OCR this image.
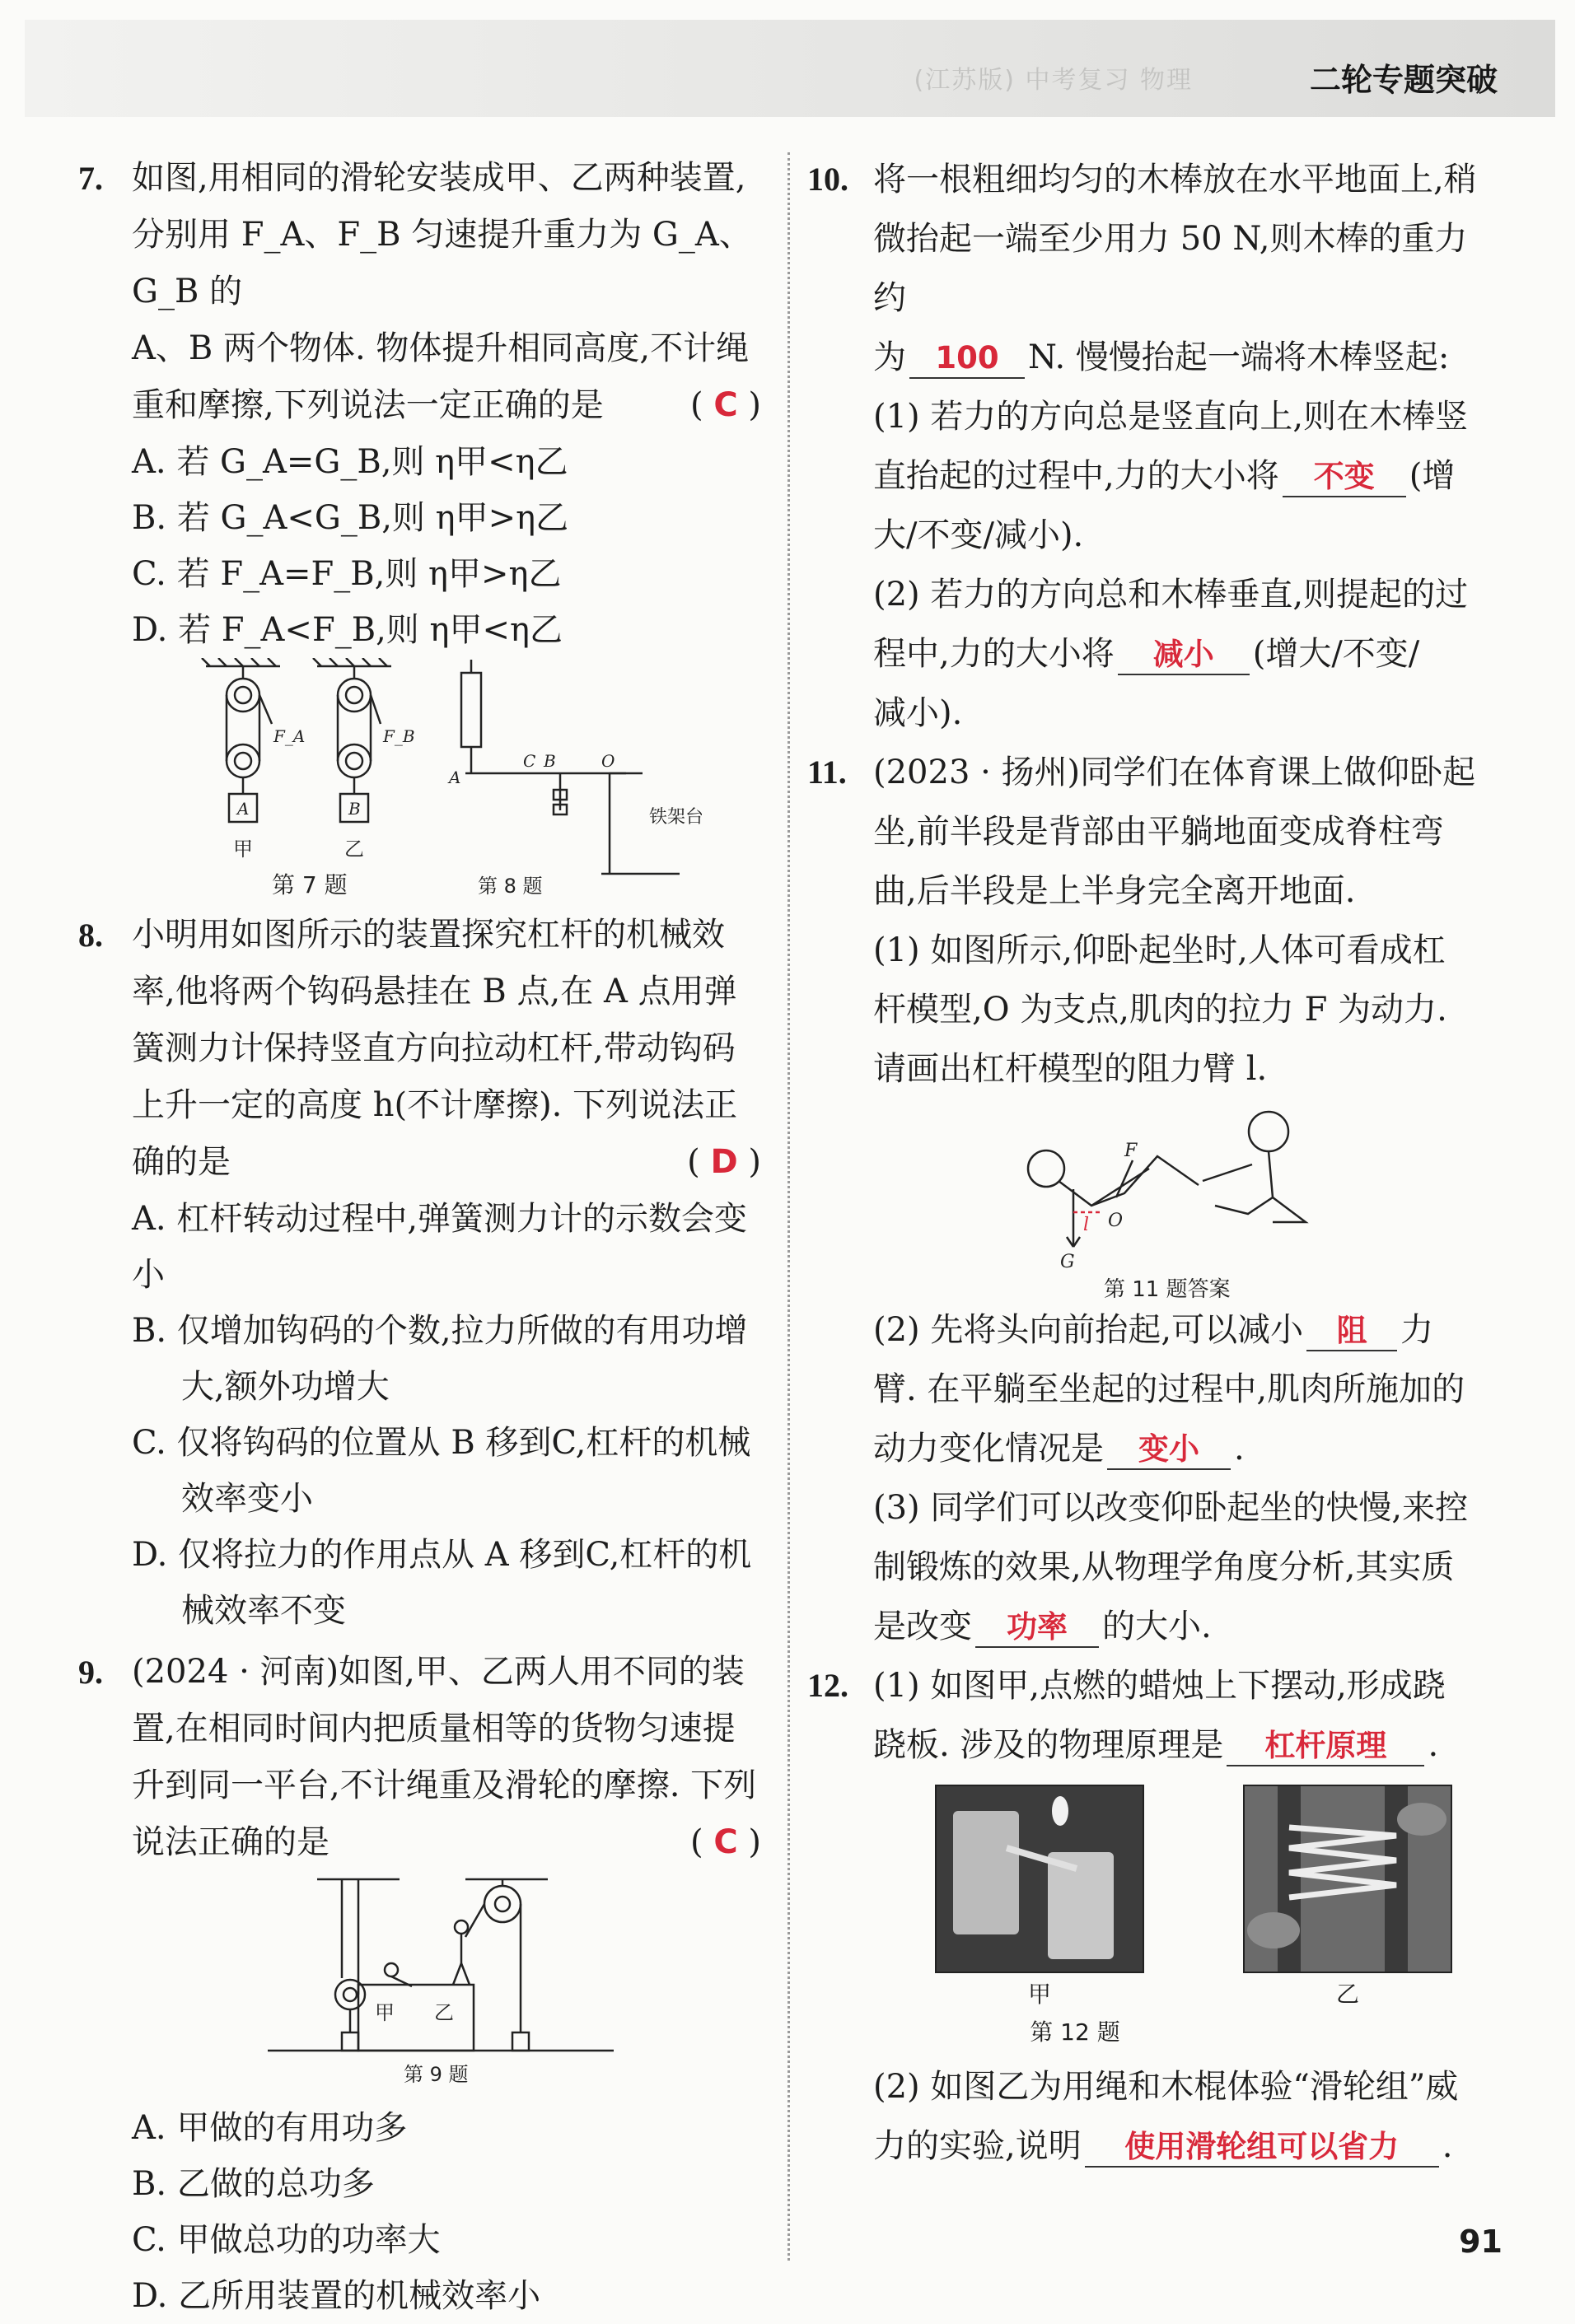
(江苏版) 中考复习 物理	二轮专题突破
7. 如图,用相同的滑轮安装成甲、乙两种装置,
分别用 F_A、F_B 匀速提升重力为 G_A、G_B 的
A、B 两个物体. 物体提升相同高度,不计绳
重和摩擦,下列说法一定正确的是	( C )
A. 若 G_A=G_B,则 η甲<η乙
B. 若 G_A<G_B,则 η甲>η乙
C. 若 F_A=F_B,则 η甲>η乙
D. 若 F_A<F_B,则 η甲<η乙
F_A	F_B
A	B
甲	乙
A
C B	O
铁架台
第 7 题	第 8 题
8. 小明用如图所示的装置探究杠杆的机械效
率,他将两个钩码悬挂在 B 点,在 A 点用弹
簧测力计保持竖直方向拉动杠杆,带动钩码
上升一定的高度 h(不计摩擦). 下列说法正
确的是	( D )
A. 杠杆转动过程中,弹簧测力计的示数会变小
B. 仅增加钩码的个数,拉力所做的有用功增
大,额外功增大
C. 仅将钩码的位置从 B 移到C,杠杆的机械
效率变小
D. 仅将拉力的作用点从 A 移到C,杠杆的机
械效率不变
9. (2024 · 河南)如图,甲、乙两人用不同的装
置,在相同时间内把质量相等的货物匀速提
升到同一平台,不计绳重及滑轮的摩擦. 下列
说法正确的是	( C )
甲 乙
第 9 题
A. 甲做的有用功多
B. 乙做的总功多
C. 甲做总功的功率大
D. 乙所用装置的机械效率小
10. 将一根粗细均匀的木棒放在水平地面上,稍
微抬起一端至少用力 50 N,则木棒的重力约
为 100 N. 慢慢抬起一端将木棒竖起:
(1) 若力的方向总是竖直向上,则在木棒竖
直抬起的过程中,力的大小将 不变 (增
大/不变/减小).
(2) 若力的方向总和木棒垂直,则提起的过
程中,力的大小将 减小 (增大/不变/
减小).
11. (2023 · 扬州)同学们在体育课上做仰卧起
坐,前半段是背部由平躺地面变成脊柱弯
曲,后半段是上半身完全离开地面.
(1) 如图所示,仰卧起坐时,人体可看成杠
杆模型,O 为支点,肌肉的拉力 F 为动力.
请画出杠杆模型的阻力臂 l.
F
G
l O
第 11 题答案
(2) 先将头向前抬起,可以减小 阻 力
臂. 在平躺至坐起的过程中,肌肉所施加的
动力变化情况是 变小 .
(3) 同学们可以改变仰卧起坐的快慢,来控
制锻炼的效果,从物理学角度分析,其实质
是改变 功率 的大小.
12. (1) 如图甲,点燃的蜡烛上下摆动,形成跷
跷板. 涉及的物理原理是 杠杆原理 .
甲	乙
第 12 题
(2) 如图乙为用绳和木棍体验“滑轮组”威
力的实验,说明 使用滑轮组可以省力 .
91
